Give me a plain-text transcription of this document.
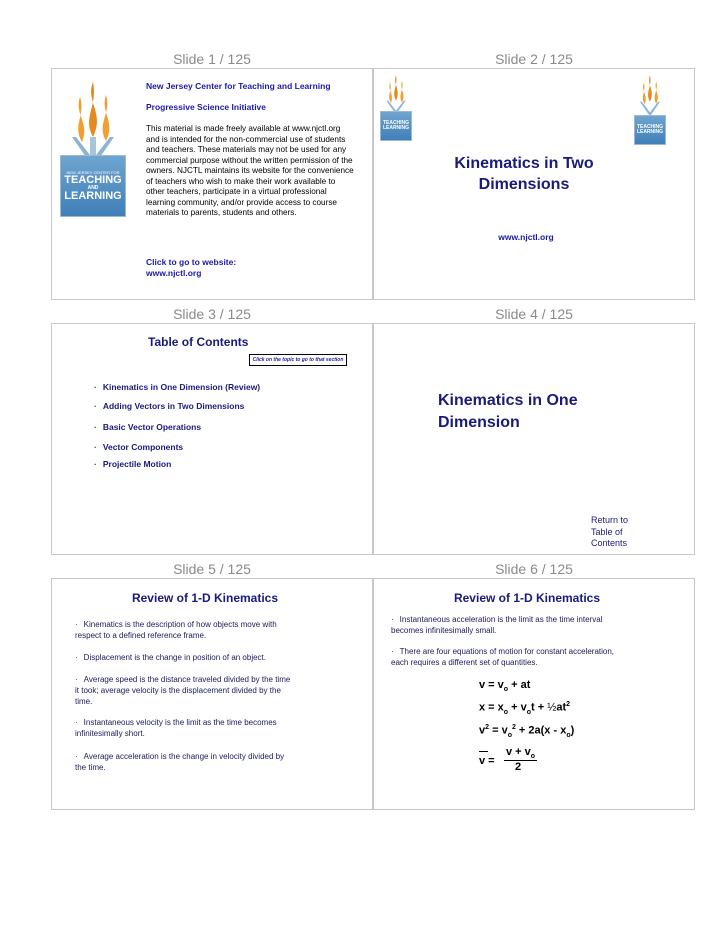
Slide 1 / 125	Slide 2 / 125
Slide 3 / 125	Slide 4 / 125
Slide 5 / 125	Slide 6 / 125
NEW JERSEY CENTER FOR
TEACHING
AND
LEARNING
New Jersey Center for Teaching and Learning
Progressive Science Initiative
This material is made freely available at www.njctl.org and is intended for the non-commercial use of students and teachers. These materials may not be used for any commercial purpose without the written permission of the owners. NJCTL maintains its website for the convenience of teachers who wish to make their work available to other teachers, participate in a virtual professional learning community, and/or provide access to course materials to parents, students and others.
Click to go to website:
www.njctl.org
TEACHING
LEARNING	TEACHING
LEARNING
Kinematics in Two
Dimensions
www.njctl.org
Table of Contents
Click on the topic to go to that section
· Kinematics in One Dimension (Review)
· Adding Vectors in Two Dimensions
· Basic Vector Operations
· Vector Components
· Projectile Motion
Kinematics in One
Dimension
Return to
Table of
Contents
Review of 1-D Kinematics
· Kinematics is the description of how objects move with
respect to a defined reference frame.
· Displacement is the change in position of an object.
· Average speed is the distance traveled divided by the time
it took; average velocity is the displacement divided by the
time.
· Instantaneous velocity is the limit as the time becomes
infinitesimally short.
· Average acceleration is the change in velocity divided by
the time.
Review of 1-D Kinematics
· Instantaneous acceleration is the limit as the time interval
becomes infinitesimally small.
· There are four equations of motion for constant acceleration,
each requires a different set of quantities.
$v = v_o$ + at
$x = x_o + v_ot$ + $\frac{1}{2}at^2$
$v^2 = v_o^2 + 2a(x - x_o)$
v =
$v + v_o$
2
